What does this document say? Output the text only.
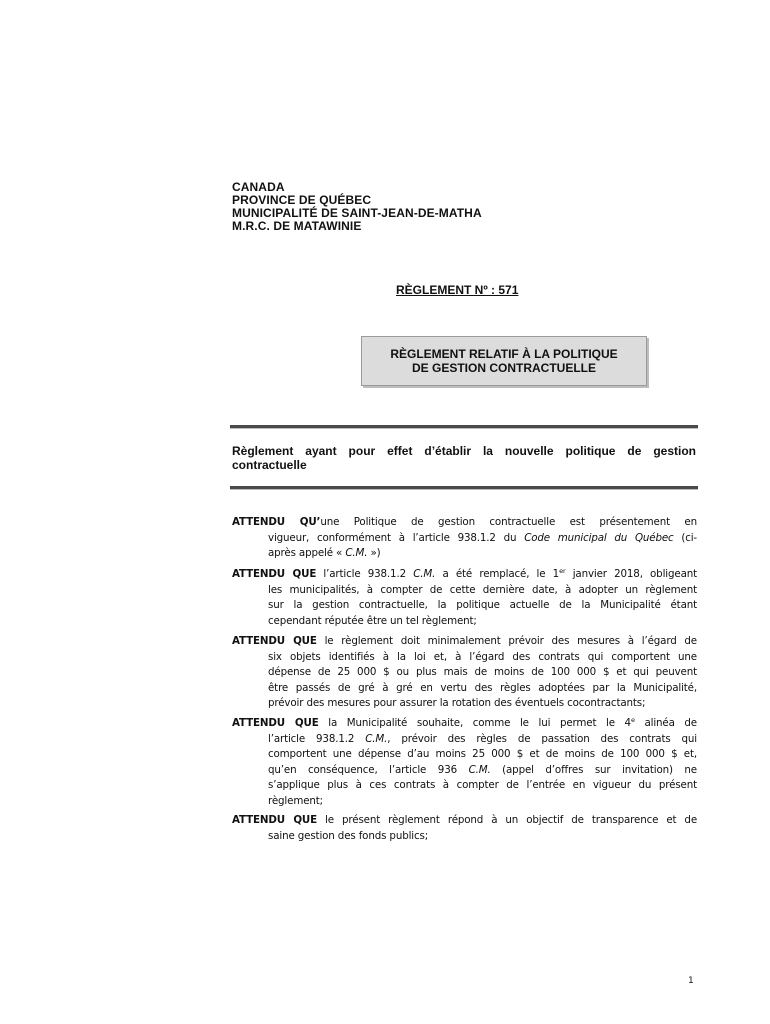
CANADA
PROVINCE DE QUÉBEC
MUNICIPALITÉ DE SAINT-JEAN-DE-MATHA
M.R.C. DE MATAWINIE
RÈGLEMENT Nº : 571
RÈGLEMENT RELATIF À LA POLITIQUE
DE GESTION CONTRACTUELLE
Règlement ayant pour effet d’établir la nouvelle politique de gestion contractuelle
ATTENDU QU’une Politique de gestion contractuelle est présentement en
vigueur, conformément à l’article 938.1.2 du Code municipal du Québec (ci-
après appelé « C.M. »)
ATTENDU QUE l’article 938.1.2 C.M. a été remplacé, le 1er janvier 2018, obligeant
les municipalités, à compter de cette dernière date, à adopter un règlement
sur la gestion contractuelle, la politique actuelle de la Municipalité étant
cependant réputée être un tel règlement;
ATTENDU QUE le règlement doit minimalement prévoir des mesures à l’égard de
six objets identifiés à la loi et, à l’égard des contrats qui comportent une
dépense de 25 000 $ ou plus mais de moins de 100 000 $ et qui peuvent
être passés de gré à gré en vertu des règles adoptées par la Municipalité,
prévoir des mesures pour assurer la rotation des éventuels cocontractants;
ATTENDU QUE la Municipalité souhaite, comme le lui permet le 4e alinéa de
l’article 938.1.2 C.M., prévoir des règles de passation des contrats qui
comportent une dépense d’au moins 25 000 $ et de moins de 100 000 $ et,
qu’en conséquence, l’article 936 C.M. (appel d’offres sur invitation) ne
s’applique plus à ces contrats à compter de l’entrée en vigueur du présent
règlement;
ATTENDU QUE le présent règlement répond à un objectif de transparence et de
saine gestion des fonds publics;
1
